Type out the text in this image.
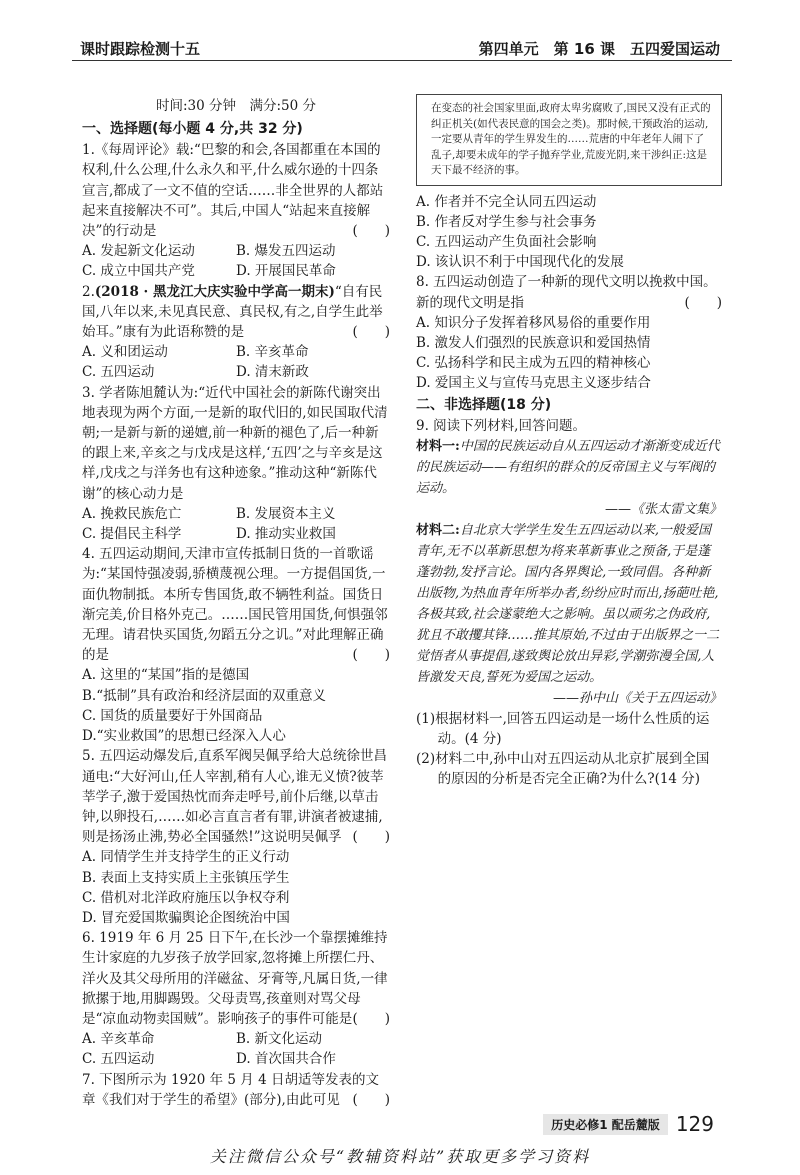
课时跟踪检测十五	第四单元　第 16 课　五四爱国运动

时间:30 分钟　满分:50 分

一、选择题(每小题 4 分,共 32 分)

1.《每周评论》载:“巴黎的和会,各国都重在本国的权利,什么公理,什么永久和平,什么威尔逊的十四条宣言,都成了一文不值的空话……非全世界的人都站起来直接解决不可”。其后,中国人“站起来直接解决”的行动是	(　　)

A. 发起新文化运动	B. 爆发五四运动
C. 成立中国共产党	D. 开展国民革命

2.(2018 · 黑龙江大庆实验中学高一期末)“自有民国,八年以来,未见真民意、真民权,有之,自学生此举始耳。”康有为此语称赞的是	(　　)

A. 义和团运动	B. 辛亥革命
C. 五四运动	D. 清末新政

3. 学者陈旭麓认为:“近代中国社会的新陈代谢突出地表现为两个方面,一是新的取代旧的,如民国取代清朝;一是新与新的递嬗,前一种新的褪色了,后一种新的跟上来,辛亥之与戊戌是这样,‘五四’之与辛亥是这样,戊戌之与洋务也有这种迹象。”推动这种“新陈代谢”的核心动力是

A. 挽救民族危亡	B. 发展资本主义
C. 提倡民主科学	D. 推动实业救国

4. 五四运动期间,天津市宣传抵制日货的一首歌谣为:“某国恃强凌弱,骄横蔑视公理。一方提倡国货,一面仇物制抵。本所专售国货,敢不辆牲利益。国货日渐完美,价目格外克己。……国民管用国货,何惧强邻无理。请君快买国货,勿蹈五分之讥。”对此理解正确的是	(　　)

A. 这里的“某国”指的是德国

B.“抵制”具有政治和经济层面的双重意义

C. 国货的质量要好于外国商品

D.“实业救国”的思想已经深入人心

5. 五四运动爆发后,直系军阀吴佩孚给大总统徐世昌通电:“大好河山,任人宰割,稍有人心,谁无义愤?彼莘莘学子,激于爱国热忱而奔走呼号,前仆后继,以草击钟,以卵投石,……如必言直言者有罪,讲演者被逮捕,则是扬汤止沸,势必全国骚然!”这说明吴佩孚 (　　)

A. 同情学生并支持学生的正义行动

B. 表面上支持实质上主张镇压学生

C. 借机对北洋政府施压以争权夺利

D. 冒充爱国欺骗舆论企图统治中国

6. 1919 年 6 月 25 日下午,在长沙一个靠摆摊维持生计家庭的九岁孩子放学回家,忽将摊上所摆仁丹、洋火及其父母所用的洋磁盆、牙膏等,凡属日货,一律掀摞于地,用脚踢毁。父母责骂,孩童则对骂父母是“凉血动物卖国贼”。影响孩子的事件可能是 (　　)

A. 辛亥革命	B. 新文化运动
C. 五四运动	D. 首次国共合作

7. 下图所示为 1920 年 5 月 4 日胡适等发表的文章《我们对于学生的希望》(部分),由此可见 (　　)

在变态的社会国家里面,政府太卑劣腐败了,国民又没有正式的纠正机关(如代表民意的国会之类)。那时候,干预政治的运动,一定要从青年的学生界发生的……荒唐的中年老年人闹下了乱子,却要未成年的学子抛弃学业,荒废光阴,来干涉纠正:这是天下最不经济的事。

A. 作者并不完全认同五四运动

B. 作者反对学生参与社会事务

C. 五四运动产生负面社会影响

D. 该认识不利于中国现代化的发展

8. 五四运动创造了一种新的现代文明以挽救中国。新的现代文明是指	(　　)

A. 知识分子发挥着移风易俗的重要作用

B. 激发人们强烈的民族意识和爱国热情

C. 弘扬科学和民主成为五四的精神核心

D. 爱国主义与宣传马克思主义逐步结合

二、非选择题(18 分)

9. 阅读下列材料,回答问题。

材料一:中国的民族运动自从五四运动才渐渐变成近代的民族运动——有组织的群众的反帝国主义与军阀的运动。

——《张太雷文集》

材料二:自北京大学学生发生五四运动以来,一般爱国青年,无不以革新思想为将来革新事业之预备,于是蓬蓬勃勃,发抒言论。国内各界舆论,一致同倡。各种新出版物,为热血青年所举办者,纷纷应时而出,扬葩吐艳,各极其致,社会遂蒙绝大之影响。虽以顽劣之伪政府,犹且不敢攫其锋……推其原始,不过由于出版界之一二觉悟者从事提倡,遂致舆论放出异彩,学潮弥漫全国,人皆激发天良,誓死为爱国之运动。

——孙中山《关于五四运动》

(1)根据材料一,回答五四运动是一场什么性质的运动。(4 分)

(2)材料二中,孙中山对五四运动从北京扩展到全国的原因的分析是否完全正确?为什么?(14 分)

历史必修1 配岳麓版 129
关注微信公众号“教辅资料站”获取更多学习资料
